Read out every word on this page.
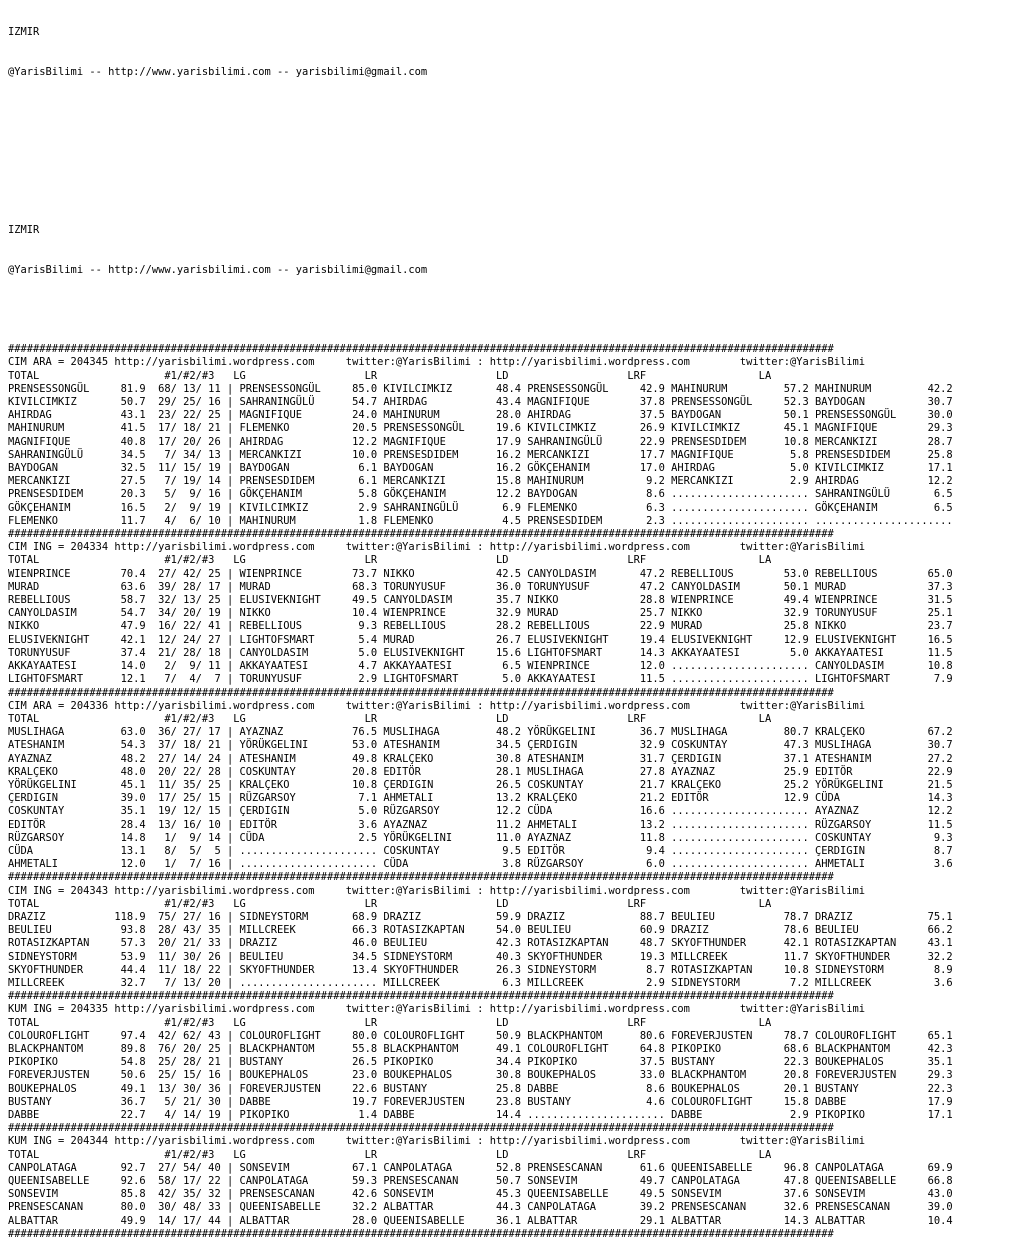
IZMIR

@YarisBilimi -- http://www.yarisbilimi.com -- yarisbilimi@gmail.com

IZMIR

@YarisBilimi -- http://www.yarisbilimi.com -- yarisbilimi@gmail.com

####################################################################################################################################
CIM ARA = 204345 http://yarisbilimi.wordpress.com     twitter:@YarisBilimi : http://yarisbilimi.wordpress.com        twitter:@YarisBilimi
TOTAL                    #1/#2/#3   LG                   LR                   LD                   LRF                  LA
PRENSESSONGÜL     81.9  68/ 13/ 11 | PRENSESSONGÜL     85.0 KIVILCIMKIZ       48.4 PRENSESSONGÜL     42.9 MAHINURUM         57.2 MAHINURUM         42.2
KIVILCIMKIZ       50.7  29/ 25/ 16 | SAHRANINGÜLÜ      54.7 AHIRDAG           43.4 MAGNIFIQUE        37.8 PRENSESSONGÜL     52.3 BAYDOGAN          30.7
AHIRDAG           43.1  23/ 22/ 25 | MAGNIFIQUE        24.0 MAHINURUM         28.0 AHIRDAG           37.5 BAYDOGAN          50.1 PRENSESSONGÜL     30.0
MAHINURUM         41.5  17/ 18/ 21 | FLEMENKO          20.5 PRENSESSONGÜL     19.6 KIVILCIMKIZ       26.9 KIVILCIMKIZ       45.1 MAGNIFIQUE        29.3
MAGNIFIQUE        40.8  17/ 20/ 26 | AHIRDAG           12.2 MAGNIFIQUE        17.9 SAHRANINGÜLÜ      22.9 PRENSESDIDEM      10.8 MERCANKIZI        28.7
SAHRANINGÜLÜ      34.5   7/ 34/ 13 | MERCANKIZI        10.0 PRENSESDIDEM      16.2 MERCANKIZI        17.7 MAGNIFIQUE         5.8 PRENSESDIDEM      25.8
BAYDOGAN          32.5  11/ 15/ 19 | BAYDOGAN           6.1 BAYDOGAN          16.2 GÖKÇEHANIM        17.0 AHIRDAG            5.0 KIVILCIMKIZ       17.1
MERCANKIZI        27.5   7/ 19/ 14 | PRENSESDIDEM       6.1 MERCANKIZI        15.8 MAHINURUM          9.2 MERCANKIZI         2.9 AHIRDAG           12.2
PRENSESDIDEM      20.3   5/  9/ 16 | GÖKÇEHANIM         5.8 GÖKÇEHANIM        12.2 BAYDOGAN           8.6 ...................... SAHRANINGÜLÜ       6.5
GÖKÇEHANIM        16.5   2/  9/ 19 | KIVILCIMKIZ        2.9 SAHRANINGÜLÜ       6.9 FLEMENKO           6.3 ...................... GÖKÇEHANIM         6.5
FLEMENKO          11.7   4/  6/ 10 | MAHINURUM          1.8 FLEMENKO           4.5 PRENSESDIDEM       2.3 ...................... ......................
####################################################################################################################################
CIM ING = 204334 http://yarisbilimi.wordpress.com     twitter:@YarisBilimi : http://yarisbilimi.wordpress.com        twitter:@YarisBilimi
TOTAL                    #1/#2/#3   LG                   LR                   LD                   LRF                  LA
WIENPRINCE        70.4  27/ 42/ 25 | WIENPRINCE        73.7 NIKKO             42.5 CANYOLDASIM       47.2 REBELLIOUS        53.0 REBELLIOUS        65.0
MURAD             63.6  39/ 28/ 17 | MURAD             68.3 TORUNYUSUF        36.0 TORUNYUSUF        47.2 CANYOLDASIM       50.1 MURAD             37.3
REBELLIOUS        58.7  32/ 13/ 25 | ELUSIVEKNIGHT     49.5 CANYOLDASIM       35.7 NIKKO             28.8 WIENPRINCE        49.4 WIENPRINCE        31.5
CANYOLDASIM       54.7  34/ 20/ 19 | NIKKO             10.4 WIENPRINCE        32.9 MURAD             25.7 NIKKO             32.9 TORUNYUSUF        25.1
NIKKO             47.9  16/ 22/ 41 | REBELLIOUS         9.3 REBELLIOUS        28.2 REBELLIOUS        22.9 MURAD             25.8 NIKKO             23.7
ELUSIVEKNIGHT     42.1  12/ 24/ 27 | LIGHTOFSMART       5.4 MURAD             26.7 ELUSIVEKNIGHT     19.4 ELUSIVEKNIGHT     12.9 ELUSIVEKNIGHT     16.5
TORUNYUSUF        37.4  21/ 28/ 18 | CANYOLDASIM        5.0 ELUSIVEKNIGHT     15.6 LIGHTOFSMART      14.3 AKKAYAATESI        5.0 AKKAYAATESI       11.5
AKKAYAATESI       14.0   2/  9/ 11 | AKKAYAATESI        4.7 AKKAYAATESI        6.5 WIENPRINCE        12.0 ...................... CANYOLDASIM       10.8
LIGHTOFSMART      12.1   7/  4/  7 | TORUNYUSUF         2.9 LIGHTOFSMART       5.0 AKKAYAATESI       11.5 ...................... LIGHTOFSMART       7.9
####################################################################################################################################
CIM ARA = 204336 http://yarisbilimi.wordpress.com     twitter:@YarisBilimi : http://yarisbilimi.wordpress.com        twitter:@YarisBilimi
TOTAL                    #1/#2/#3   LG                   LR                   LD                   LRF                  LA
MUSLIHAGA         63.0  36/ 27/ 17 | AYAZNAZ           76.5 MUSLIHAGA         48.2 YÖRÜKGELINI       36.7 MUSLIHAGA         80.7 KRALÇEKO          67.2
ATESHANIM         54.3  37/ 18/ 21 | YÖRÜKGELINI       53.0 ATESHANIM         34.5 ÇERDIGIN          32.9 COSKUNTAY         47.3 MUSLIHAGA         30.7
AYAZNAZ           48.2  27/ 14/ 24 | ATESHANIM         49.8 KRALÇEKO          30.8 ATESHANIM         31.7 ÇERDIGIN          37.1 ATESHANIM         27.2
KRALÇEKO          48.0  20/ 22/ 28 | COSKUNTAY         20.8 EDITÖR            28.1 MUSLIHAGA         27.8 AYAZNAZ           25.9 EDITÖR            22.9
YÖRÜKGELINI       45.1  11/ 35/ 25 | KRALÇEKO          10.8 ÇERDIGIN          26.5 COSKUNTAY         21.7 KRALÇEKO          25.2 YÖRÜKGELINI       21.5
ÇERDIGIN          39.0  17/ 25/ 15 | RÜZGARSOY          7.1 AHMETALI          13.2 KRALÇEKO          21.2 EDITÖR            12.9 CÜDA              14.3
COSKUNTAY         35.1  19/ 12/ 15 | ÇERDIGIN           5.0 RÜZGARSOY         12.2 CÜDA              16.6 ...................... AYAZNAZ           12.2
EDITÖR            28.4  13/ 16/ 10 | EDITÖR             3.6 AYAZNAZ           11.2 AHMETALI          13.2 ...................... RÜZGARSOY         11.5
RÜZGARSOY         14.8   1/  9/ 14 | CÜDA               2.5 YÖRÜKGELINI       11.0 AYAZNAZ           11.8 ...................... COSKUNTAY          9.3
CÜDA              13.1   8/  5/  5 | ...................... COSKUNTAY          9.5 EDITÖR             9.4 ...................... ÇERDIGIN           8.7
AHMETALI          12.0   1/  7/ 16 | ...................... CÜDA               3.8 RÜZGARSOY          6.0 ...................... AHMETALI           3.6
####################################################################################################################################
CIM ING = 204343 http://yarisbilimi.wordpress.com     twitter:@YarisBilimi : http://yarisbilimi.wordpress.com        twitter:@YarisBilimi
TOTAL                    #1/#2/#3   LG                   LR                   LD                   LRF                  LA
DRAZIZ           118.9  75/ 27/ 16 | SIDNEYSTORM       68.9 DRAZIZ            59.9 DRAZIZ            88.7 BEULIEU           78.7 DRAZIZ            75.1
BEULIEU           93.8  28/ 43/ 35 | MILLCREEK         66.3 ROTASIZKAPTAN     54.0 BEULIEU           60.9 DRAZIZ            78.6 BEULIEU           66.2
ROTASIZKAPTAN     57.3  20/ 21/ 33 | DRAZIZ            46.0 BEULIEU           42.3 ROTASIZKAPTAN     48.7 SKYOFTHUNDER      42.1 ROTASIZKAPTAN     43.1
SIDNEYSTORM       53.9  11/ 30/ 26 | BEULIEU           34.5 SIDNEYSTORM       40.3 SKYOFTHUNDER      19.3 MILLCREEK         11.7 SKYOFTHUNDER      32.2
SKYOFTHUNDER      44.4  11/ 18/ 22 | SKYOFTHUNDER      13.4 SKYOFTHUNDER      26.3 SIDNEYSTORM        8.7 ROTASIZKAPTAN     10.8 SIDNEYSTORM        8.9
MILLCREEK         32.7   7/ 13/ 20 | ...................... MILLCREEK          6.3 MILLCREEK          2.9 SIDNEYSTORM        7.2 MILLCREEK          3.6
####################################################################################################################################
KUM ING = 204335 http://yarisbilimi.wordpress.com     twitter:@YarisBilimi : http://yarisbilimi.wordpress.com        twitter:@YarisBilimi
TOTAL                    #1/#2/#3   LG                   LR                   LD                   LRF                  LA
COLOUROFLIGHT     97.4  42/ 62/ 43 | COLOUROFLIGHT     80.0 COLOUROFLIGHT     50.9 BLACKPHANTOM      80.6 FOREVERJUSTEN     78.7 COLOUROFLIGHT     65.1
BLACKPHANTOM      89.8  76/ 20/ 25 | BLACKPHANTOM      55.8 BLACKPHANTOM      49.1 COLOUROFLIGHT     64.8 PIKOPIKO          68.6 BLACKPHANTOM      42.3
PIKOPIKO          54.8  25/ 28/ 21 | BUSTANY           26.5 PIKOPIKO          34.4 PIKOPIKO          37.5 BUSTANY           22.3 BOUKEPHALOS       35.1
FOREVERJUSTEN     50.6  25/ 15/ 16 | BOUKEPHALOS       23.0 BOUKEPHALOS       30.8 BOUKEPHALOS       33.0 BLACKPHANTOM      20.8 FOREVERJUSTEN     29.3
BOUKEPHALOS       49.1  13/ 30/ 36 | FOREVERJUSTEN     22.6 BUSTANY           25.8 DABBE              8.6 BOUKEPHALOS       20.1 BUSTANY           22.3
BUSTANY           36.7   5/ 21/ 30 | DABBE             19.7 FOREVERJUSTEN     23.8 BUSTANY            4.6 COLOUROFLIGHT     15.8 DABBE             17.9
DABBE             22.7   4/ 14/ 19 | PIKOPIKO           1.4 DABBE             14.4 ...................... DABBE              2.9 PIKOPIKO          17.1
####################################################################################################################################
KUM ING = 204344 http://yarisbilimi.wordpress.com     twitter:@YarisBilimi : http://yarisbilimi.wordpress.com        twitter:@YarisBilimi
TOTAL                    #1/#2/#3   LG                   LR                   LD                   LRF                  LA
CANPOLATAGA       92.7  27/ 54/ 40 | SONSEVIM          67.1 CANPOLATAGA       52.8 PRENSESCANAN      61.6 QUEENISABELLE     96.8 CANPOLATAGA       69.9
QUEENISABELLE     92.6  58/ 17/ 22 | CANPOLATAGA       59.3 PRENSESCANAN      50.7 SONSEVIM          49.7 CANPOLATAGA       47.8 QUEENISABELLE     66.8
SONSEVIM          85.8  42/ 35/ 32 | PRENSESCANAN      42.6 SONSEVIM          45.3 QUEENISABELLE     49.5 SONSEVIM          37.6 SONSEVIM          43.0
PRENSESCANAN      80.0  30/ 48/ 33 | QUEENISABELLE     32.2 ALBATTAR          44.3 CANPOLATAGA       39.2 PRENSESCANAN      32.6 PRENSESCANAN      39.0
ALBATTAR          49.9  14/ 17/ 44 | ALBATTAR          28.0 QUEENISABELLE     36.1 ALBATTAR          29.1 ALBATTAR          14.3 ALBATTAR          10.4
####################################################################################################################################
